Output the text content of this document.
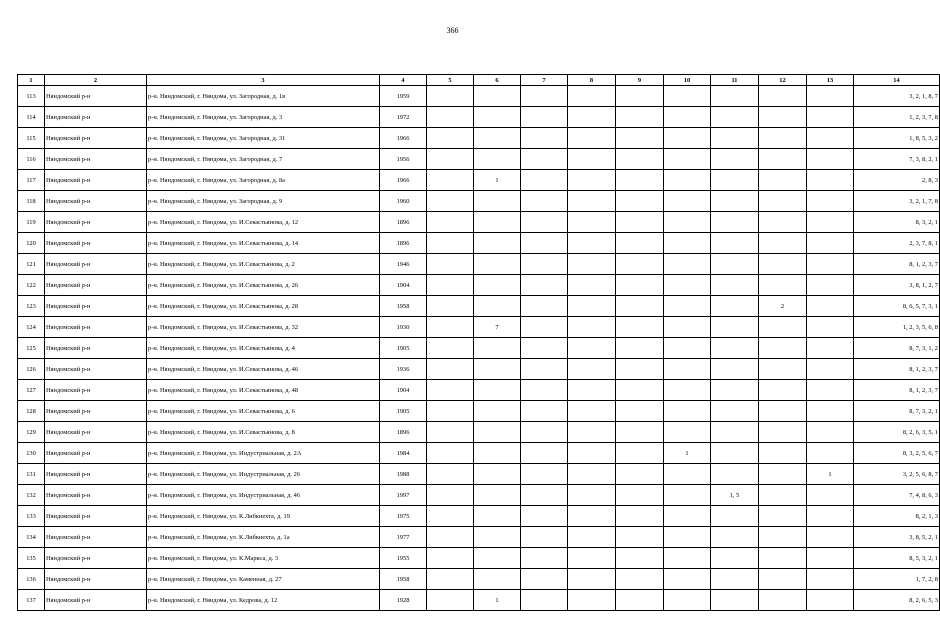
366
1	2	3	4	5	6	7	8	9	10	11	12	13	14
113	Няндомский р-н	р-н. Няндомский, г. Няндома, ул. Загородная, д. 1в	1959										3, 2, 1, 8, 7
114	Няндомский р-н	р-н. Няндомский, г. Няндома, ул. Загородная, д. 3	1972										1, 2, 3, 7, 8
115	Няндомский р-н	р-н. Няндомский, г. Няндома, ул. Загородная, д. 31	1966										1, 8, 5, 3, 2
116	Няндомский р-н	р-н. Няндомский, г. Няндома, ул. Загородная, д. 7	1956										7, 3, 8, 2, 1
117	Няндомский р-н	р-н. Няндомский, г. Няндома, ул. Загородная, д. 8а	1966		1								2, 8, 3
118	Няндомский р-н	р-н. Няндомский, г. Няндома, ул. Загородная, д. 9	1960										3, 2, 1, 7, 8
119	Няндомский р-н	р-н. Няндомский, г. Няндома, ул. И.Севастьянова, д. 12	1896										8, 3, 2, 1
120	Няндомский р-н	р-н. Няндомский, г. Няндома, ул. И.Севастьянова, д. 14	1896										2, 3, 7, 8, 1
121	Няндомский р-н	р-н. Няндомский, г. Няндома, ул. И.Севастьянова, д. 2	1946										8, 1, 2, 3, 7
122	Няндомский р-н	р-н. Няндомский, г. Няндома, ул. И.Севастьянова, д. 26	1904										3, 8, 1, 2, 7
123	Няндомский р-н	р-н. Няндомский, г. Няндома, ул. И.Севастьянова, д. 28	1958								2		8, 6, 5, 7, 3, 1
124	Няндомский р-н	р-н. Няндомский, г. Няндома, ул. И.Севастьянова, д. 32	1930		7								1, 2, 3, 5, 6, 8
125	Няндомский р-н	р-н. Няндомский, г. Няндома, ул. И.Севастьянова, д. 4	1905										8, 7, 3, 1, 2
126	Няндомский р-н	р-н. Няндомский, г. Няндома, ул. И.Севастьянова, д. 46	1936										8, 1, 2, 3, 7
127	Няндомский р-н	р-н. Няндомский, г. Няндома, ул. И.Севастьянова, д. 48	1904										8, 1, 2, 3, 7
128	Няндомский р-н	р-н. Няндомский, г. Няндома, ул. И.Севастьянова, д. 6	1905										8, 7, 3, 2, 1
129	Няндомский р-н	р-н. Няндомский, г. Няндома, ул. И.Севастьянова, д. 8	1896										8, 2, 6, 3, 5, 1
130	Няндомский р-н	р-н. Няндомский, г. Няндома, ул. Индустриальная, д. 2А	1984						1				8, 3, 2, 5, 6, 7
131	Няндомский р-н	р-н. Няндомский, г. Няндома, ул. Индустриальная, д. 26	1988									1	3, 2, 5, 6, 8, 7
132	Няндомский р-н	р-н. Няндомский, г. Няндома, ул. Индустриальная, д. 46	1997							1, 5			7, 4, 8, 6, 3
133	Няндомский р-н	р-н. Няндомский, г. Няндома, ул. К.Либкнехта, д. 19	1975										8, 2, 1, 3
134	Няндомский р-н	р-н. Няндомский, г. Няндома, ул. К.Либкнехта, д. 1а	1977										3, 8, 5, 2, 1
135	Няндомский р-н	р-н. Няндомский, г. Няндома, ул. К.Маркса, д. 3	1955										8, 5, 3, 2, 1
136	Няндомский р-н	р-н. Няндомский, г. Няндома, ул. Каменная, д. 27	1958										1, 7, 2, 8
137	Няндомский р-н	р-н. Няндомский, г. Няндома, ул. Кедрова, д. 12	1928		1								8, 2, 6, 5, 3
